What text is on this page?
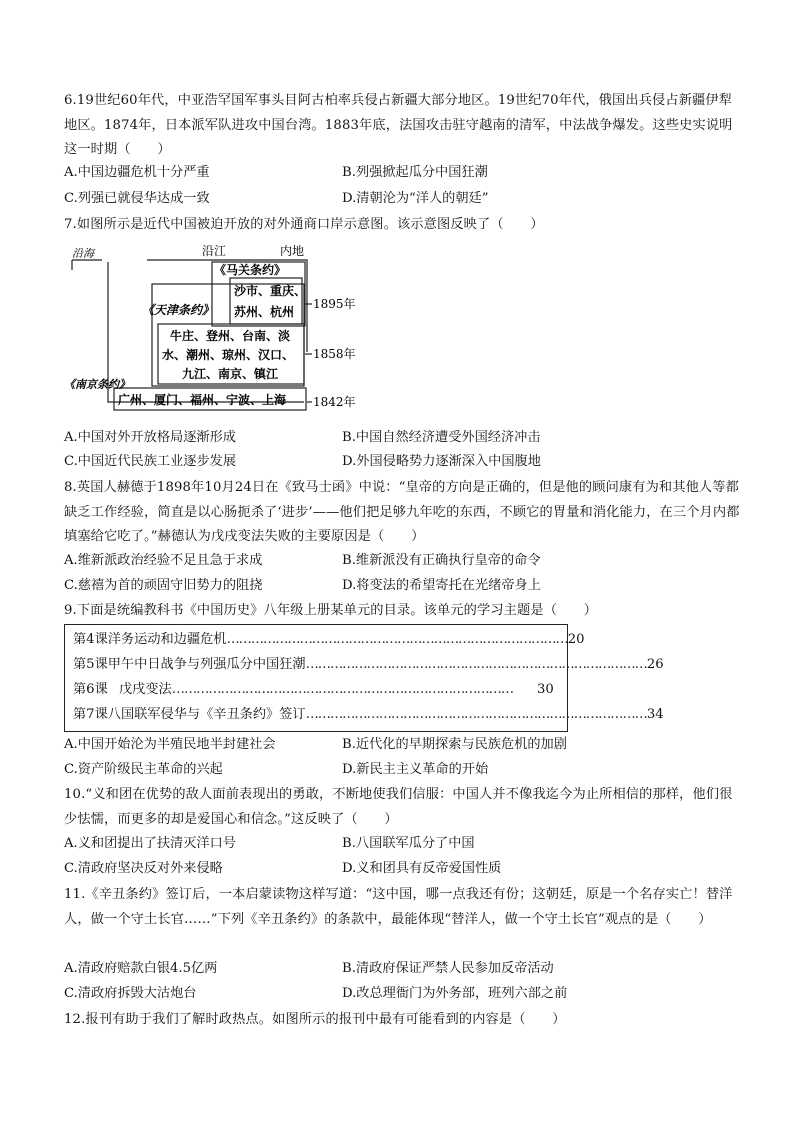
6.19世纪60年代，中亚浩罕国军事头目阿古柏率兵侵占新疆大部分地区。19世纪70年代，俄国出兵侵占新疆伊犁地区。1874年，日本派军队进攻中国台湾。1883年底，法国攻击驻守越南的清军，中法战争爆发。这些史实说明这一时期（　　）
A.中国边疆危机十分严重	B.列强掀起瓜分中国狂潮
C.列强已就侵华达成一致	D.清朝沦为“洋人的朝廷”
7.如图所示是近代中国被迫开放的对外通商口岸示意图。该示意图反映了（　　）
沿海	沿江	内地
《马关条约》
沙市、重庆、
苏州、杭州
《天津条约》
牛庄、登州、台南、淡
水、潮州、琼州、汉口、
九江、南京、镇江
《南京条约》
广州、厦门、福州、宁波、上海
1895年
1858年
1842年
A.中国对外开放格局逐渐形成	B.中国自然经济遭受外国经济冲击
C.中国近代民族工业逐步发展	D.外国侵略势力逐渐深入中国腹地
8.英国人赫德于1898年10月24日在《致马士函》中说：“皇帝的方向是正确的，但是他的顾问康有为和其他人等都缺乏工作经验，简直是以心肠扼杀了‘进步’——他们把足够九年吃的东西，不顾它的胃量和消化能力，在三个月内都填塞给它吃了。”赫德认为戊戌变法失败的主要原因是（　　）
A.维新派政治经验不足且急于求成	B.维新派没有正确执行皇帝的命令
C.慈禧为首的顽固守旧势力的阻挠	D.将变法的希望寄托在光绪帝身上
9.下面是统编教科书《中国历史》八年级上册某单元的目录。该单元的学习主题是（　　）
第4课 洋务运动和边疆危机 ………………………………………………………………………… 20
第5课 甲午中日战争与列强瓜分中国狂潮 ………………………………………………………………………… 26
第6课 戊戌变法 …………………………………………………………………………	30
第7课 八国联军侵华与《辛丑条约》签订 ………………………………………………………………………… 34
A.中国开始沦为半殖民地半封建社会	B.近代化的早期探索与民族危机的加剧
C.资产阶级民主革命的兴起	D.新民主主义革命的开始
10.“义和团在优势的敌人面前表现出的勇敢，不断地使我们信服：中国人并不像我迄今为止所相信的那样，他们很少怯懦，而更多的却是爱国心和信念。”这反映了（　　）
A.义和团提出了扶清灭洋口号	B.八国联军瓜分了中国
C.清政府坚决反对外来侵略	D.义和团具有反帝爱国性质
11.《辛丑条约》签订后，一本启蒙读物这样写道：“这中国，哪一点我还有份；这朝廷，原是一个名存实亡！替洋人，做一个守土长官……”下列《辛丑条约》的条款中，最能体现“替洋人，做一个守土长官”观点的是（　　）
A.清政府赔款白银4.5亿两	B.清政府保证严禁人民参加反帝活动
C.清政府拆毁大沽炮台	D.改总理衙门为外务部，班列六部之前
12.报刊有助于我们了解时政热点。如图所示的报刊中最有可能看到的内容是（　　）
